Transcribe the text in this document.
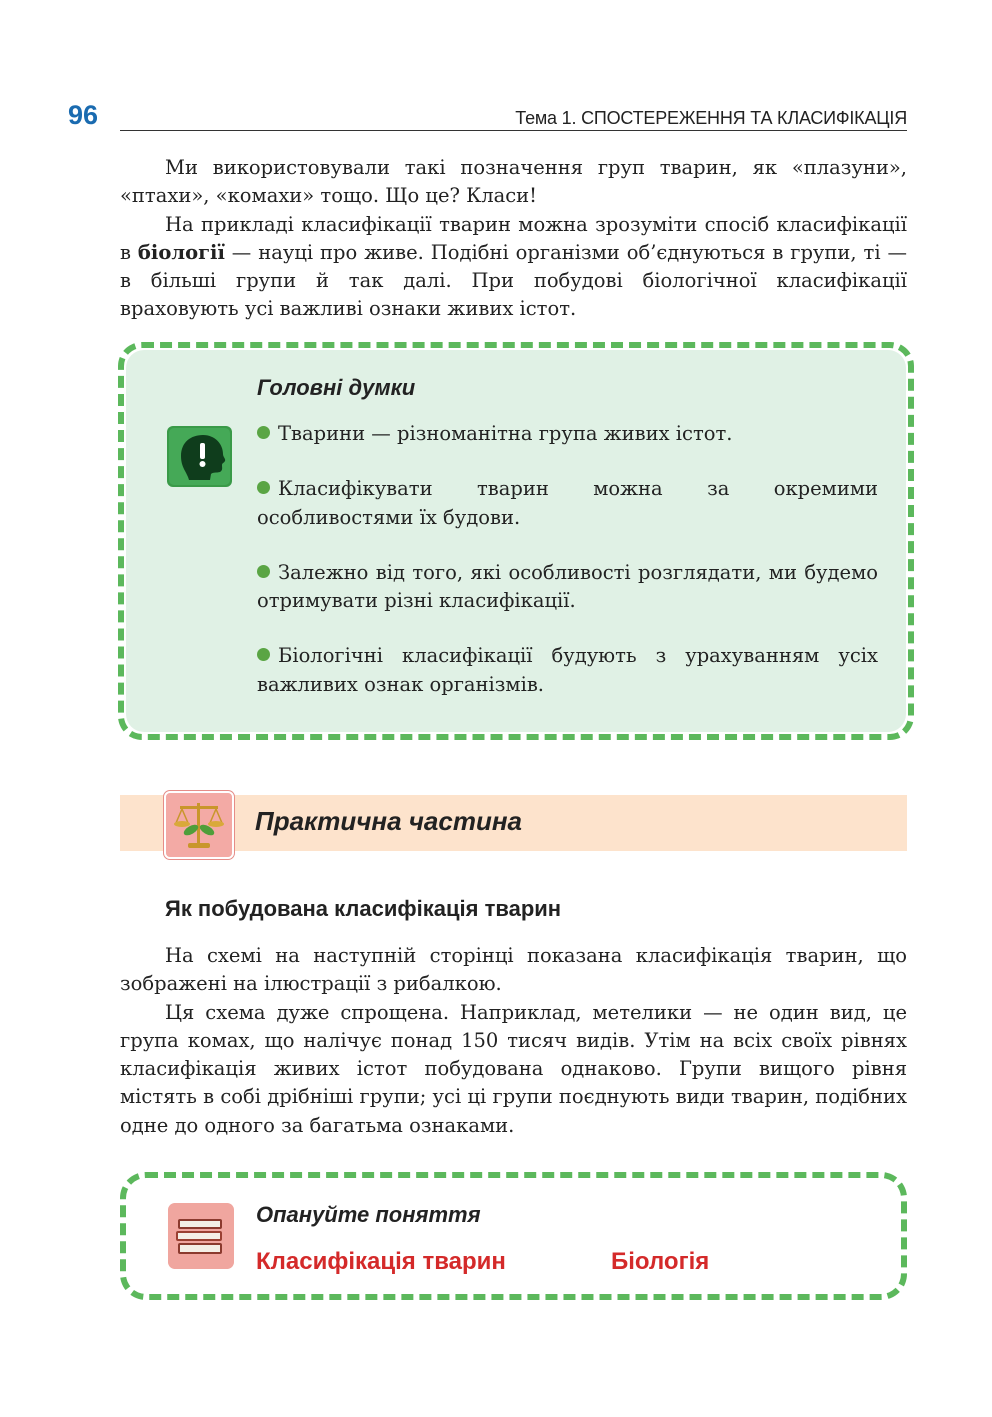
96	Тема 1. СПОСТЕРЕЖЕННЯ ТА КЛАСИФІКАЦІЯ

Ми використовували такі позначення груп тварин, як «плазуни», «птахи», «комахи» тощо. Що це? Класи!

На прикладі класифікації тварин можна зрозуміти спосіб класифікації в біології — науці про живе. Подібні організми об’єднуються в групи, ті — в більші групи й так далі. При побудові біологічної класифікації враховують усі важливі ознаки живих істот.

Головні думки
Тварини — різноманітна група живих істот.
Класифікувати тварин можна за окремими особливостями їх будови.
Залежно від того, які особливості розглядати, ми будемо отримувати різні класифікації.
Біологічні класифікації будують з урахуванням усіх важливих ознак організмів.
Практична частина
Як побудована класифікація тварин

На схемі на наступній сторінці показана класифікація тварин, що зображені на ілюстрації з рибалкою.

Ця схема дуже спрощена. Наприклад, метелики — не один вид, це група комах, що налічує понад 150 тисяч видів. Утім на всіх своїх рівнях класифікація живих істот побудована однаково. Групи вищого рівня містять в собі дрібніші групи; усі ці групи поєднують види тварин, подібних одне до одного за багатьма ознаками.

Опануйте поняття
Класифікація тварин	Біологія
